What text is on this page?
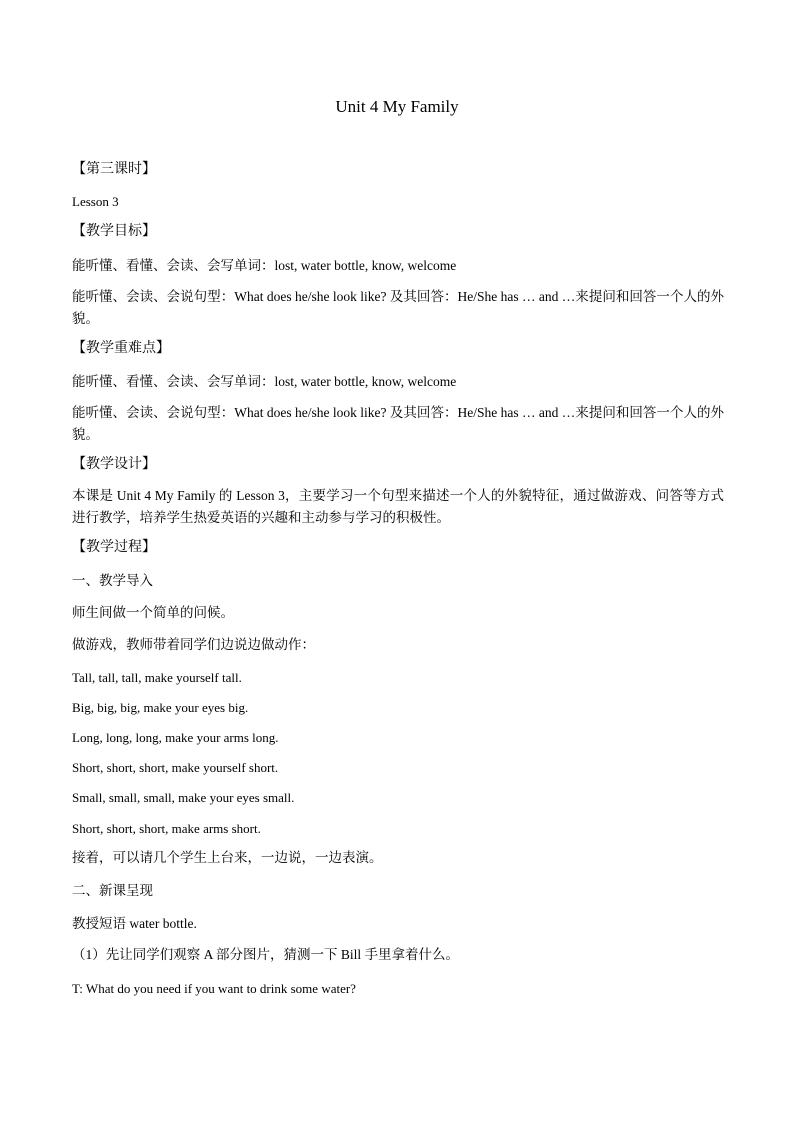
Unit 4 My Family
【第三课时】
Lesson 3
【教学目标】
能听懂、看懂、会读、会写单词：lost, water bottle, know, welcome
能听懂、会读、会说句型：What does he/she look like? 及其回答：He/She has … and …来提问和回答一个人的外貌。
【教学重难点】
能听懂、看懂、会读、会写单词：lost, water bottle, know, welcome
能听懂、会读、会说句型：What does he/she look like? 及其回答：He/She has … and …来提问和回答一个人的外貌。
【教学设计】
本课是 Unit 4 My Family 的 Lesson 3，主要学习一个句型来描述一个人的外貌特征，通过做游戏、问答等方式进行教学，培养学生热爱英语的兴趣和主动参与学习的积极性。
【教学过程】
一、教学导入
师生间做一个简单的问候。
做游戏，教师带着同学们边说边做动作：
Tall, tall, tall, make yourself tall.
Big, big, big, make your eyes big.
Long, long, long, make your arms long.
Short, short, short, make yourself short.
Small, small, small, make your eyes small.
Short, short, short, make arms short.
接着，可以请几个学生上台来，一边说，一边表演。
二、新课呈现
教授短语 water bottle.
（1）先让同学们观察 A 部分图片，猜测一下 Bill 手里拿着什么。
T: What do you need if you want to drink some water?
